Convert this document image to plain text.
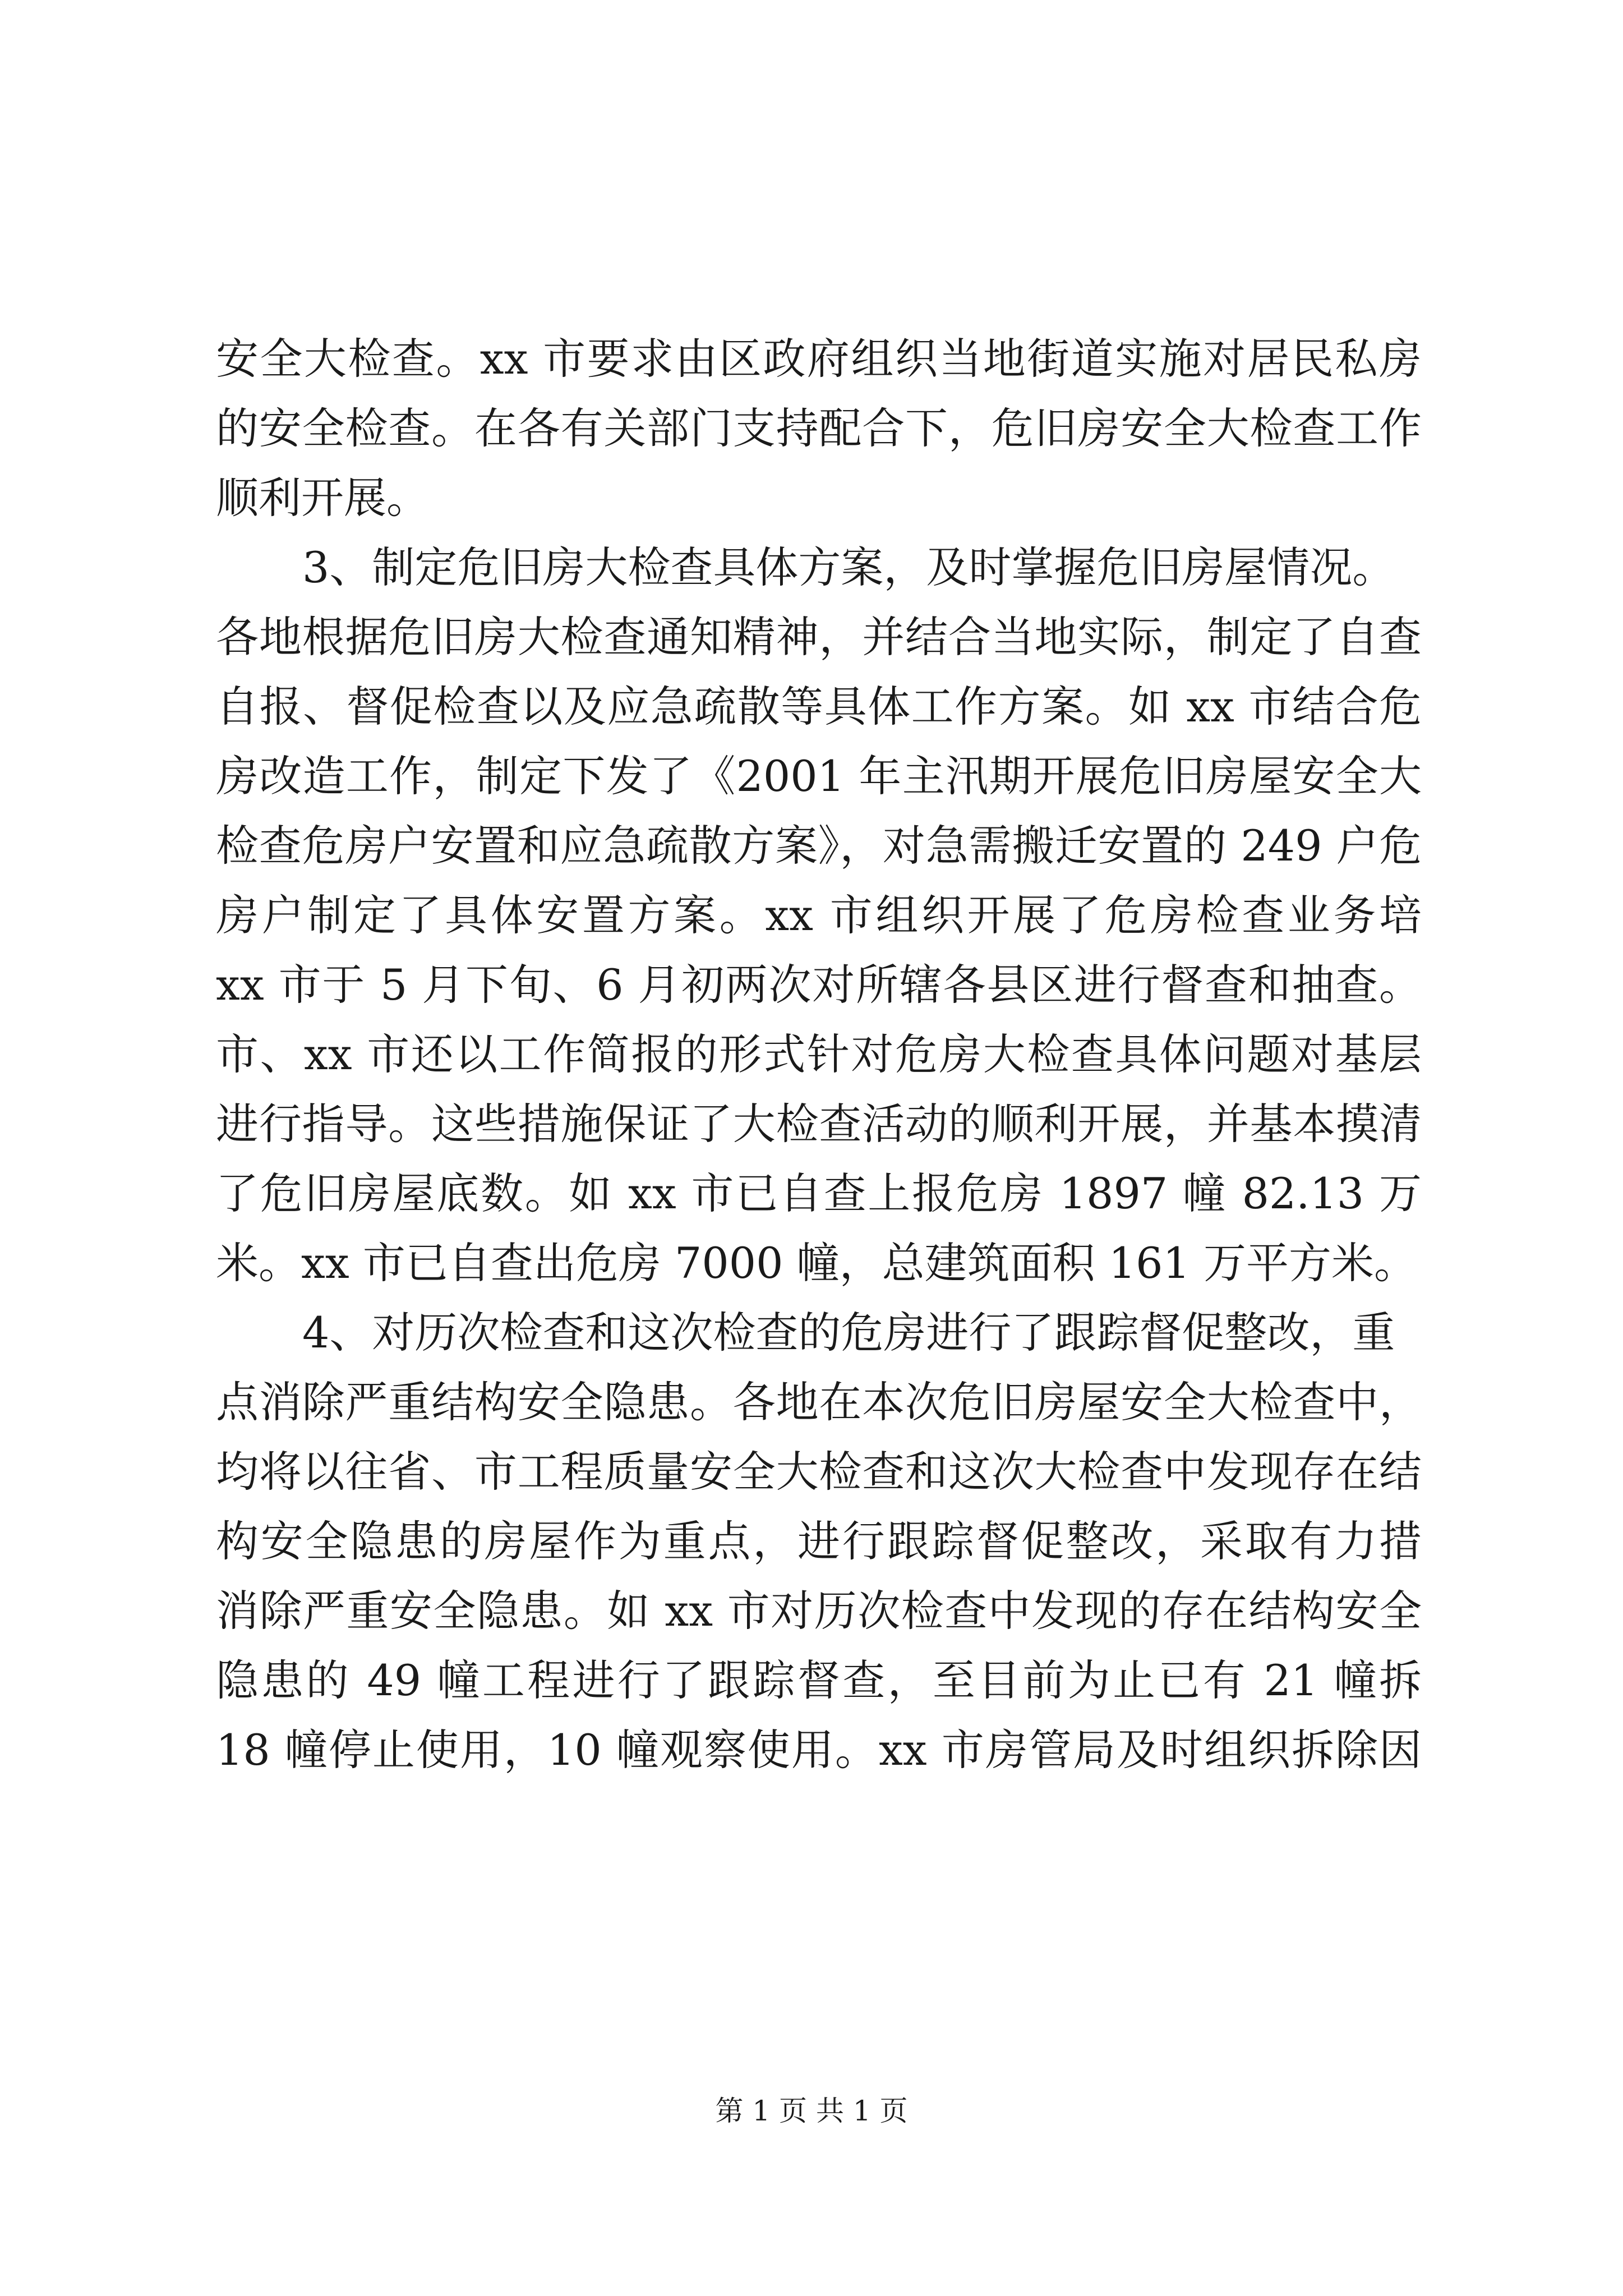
安全大检查。xx 市要求由区政府组织当地街道实施对居民私房
的安全检查。在各有关部门支持配合下，危旧房安全大检查工作
顺利开展。
3、制定危旧房大检查具体方案，及时掌握危旧房屋情况。
各地根据危旧房大检查通知精神，并结合当地实际，制定了自查
自报、督促检查以及应急疏散等具体工作方案。如 xx 市结合危
房改造工作，制定下发了《2001 年主汛期开展危旧房屋安全大
检查危房户安置和应急疏散方案》，对急需搬迁安置的 249 户危
房户制定了具体安置方案。xx 市组织开展了危房检查业务培
xx 市于 5 月下旬、6 月初两次对所辖各县区进行督查和抽查。
市、xx 市还以工作简报的形式针对危房大检查具体问题对基层
进行指导。这些措施保证了大检查活动的顺利开展，并基本摸清
了危旧房屋底数。如 xx 市已自查上报危房 1897 幢 82.13 万
米。xx 市已自查出危房 7000 幢，总建筑面积 161 万平方米。
4、对历次检查和这次检查的危房进行了跟踪督促整改，重
点消除严重结构安全隐患。各地在本次危旧房屋安全大检查中，
均将以往省、市工程质量安全大检查和这次大检查中发现存在结
构安全隐患的房屋作为重点，进行跟踪督促整改，采取有力措
消除严重安全隐患。如 xx 市对历次检查中发现的存在结构安全
隐患的 49 幢工程进行了跟踪督查，至目前为止已有 21 幢拆
18 幢停止使用，10 幢观察使用。xx 市房管局及时组织拆除因
第 1 页 共 1 页
